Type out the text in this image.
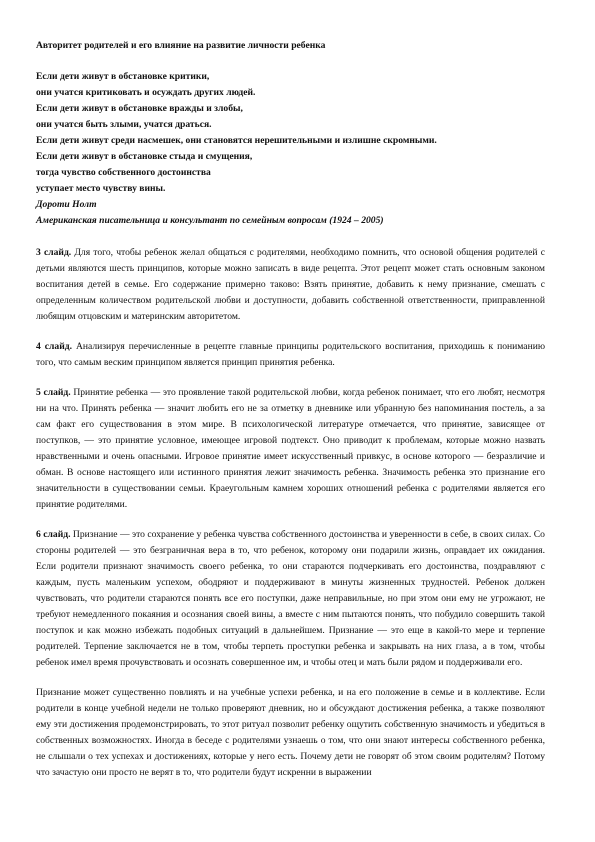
Авторитет родителей и его влияние на развитие личности ребенка

Если дети живут в обстановке критики,
они учатся критиковать и осуждать других людей.
Если дети живут в обстановке вражды и злобы,
они учатся быть злыми, учатся драться.
Если дети живут среди насмешек, они становятся нерешительными и излишне скромными.
Если дети живут в обстановке стыда и смущения,
тогда чувство собственного достоинства
уступает место чувству вины.
Дороти Нолт
Американская писательница и консультант по семейным вопросам (1924 – 2005)

3 слайд. Для того, чтобы ребенок желал общаться с родителями, необходимо помнить, что основой общения родителей с детьми являются шесть принципов, которые можно записать в виде рецепта. Этот рецепт может стать основным законом воспитания детей в семье. Его содержание примерно таково: Взять принятие, добавить к нему признание, смешать с определенным количеством родительской любви и доступности, добавить собственной ответственности, приправленной любящим отцовским и материнским авторитетом.

4 слайд. Анализируя перечисленные в рецепте главные принципы родительского воспитания, приходишь к пониманию того, что самым веским принципом является принцип принятия ребенка.

5 слайд. Принятие ребенка — это проявление такой родительской любви, когда ребенок понимает, что его любят, несмотря ни на что. Принять ребенка — значит любить его не за отметку в дневнике или убранную без напоминания постель, а за сам факт его существования в этом мире. В психологической литературе отмечается, что принятие, зависящее от поступков, — это принятие условное, имеющее игровой подтекст. Оно приводит к проблемам, которые можно назвать нравственными и очень опасными. Игровое принятие имеет искусственный привкус, в основе которого — безразличие и обман. В основе настоящего или истинного принятия лежит значимость ребенка. Значимость ребенка это признание его значительности в существовании семьи. Краеугольным камнем хороших отношений ребенка с родителями является его принятие родителями.

6 слайд. Признание — это сохранение у ребенка чувства собственного достоинства и уверенности в себе, в своих силах. Со стороны родителей — это безграничная вера в то, что ребенок, которому они подарили жизнь, оправдает их ожидания. Если родители признают значимость своего ребенка, то они стараются подчеркивать его достоинства, поздравляют с каждым, пусть маленьким успехом, ободряют и поддерживают в минуты жизненных трудностей. Ребенок должен чувствовать, что родители стараются понять все его поступки, даже неправильные, но при этом они ему не угрожают, не требуют немедленного покаяния и осознания своей вины, а вместе с ним пытаются понять, что побудило совершить такой поступок и как можно избежать подобных ситуаций в дальнейшем. Признание — это еще в какой-то мере и терпение родителей. Терпение заключается не в том, чтобы терпеть проступки ребенка и закрывать на них глаза, а в том, чтобы ребенок имел время прочувствовать и осознать совершенное им, и чтобы отец и мать были рядом и поддерживали его.

Признание может существенно повлиять и на учебные успехи ребенка, и на его положение в семье и в коллективе. Если родители в конце учебной недели не только проверяют дневник, но и обсуждают достижения ребенка, а также позволяют ему эти достижения продемонстрировать, то этот ритуал позволит ребенку ощутить собственную значимость и убедиться в собственных возможностях. Иногда в беседе с родителями узнаешь о том, что они знают интересы собственного ребенка, не слышали о тех успехах и достижениях, которые у него есть. Почему дети не говорят об этом своим родителям? Потому что зачастую они просто не верят в то, что родители будут искренни в выражении
